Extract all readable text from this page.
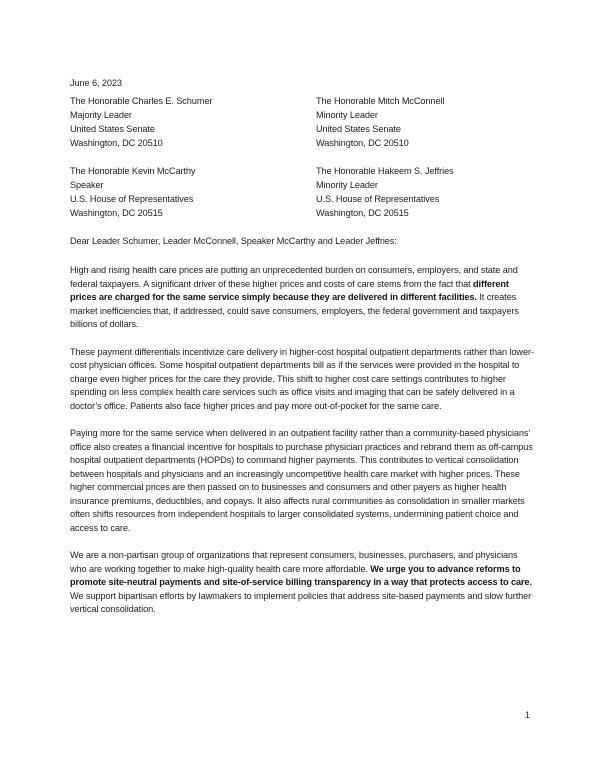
June 6, 2023

The Honorable Charles E. Schumer
Majority Leader
United States Senate
Washington, DC 20510
The Honorable Mitch McConnell
Minority Leader
United States Senate
Washington, DC 20510
The Honorable Kevin McCarthy
Speaker
U.S. House of Representatives
Washington, DC 20515
The Honorable Hakeem S. Jeffries
Minority Leader
U.S. House of Representatives
Washington, DC 20515

Dear Leader Schumer, Leader McConnell, Speaker McCarthy and Leader Jeffries:

High and rising health care prices are putting an unprecedented burden on consumers, employers, and state and federal taxpayers. A significant driver of these higher prices and costs of care stems from the fact that different prices are charged for the same service simply because they are delivered in different facilities. It creates market inefficiencies that, if addressed, could save consumers, employers, the federal government and taxpayers billions of dollars.

These payment differentials incentivize care delivery in higher-cost hospital outpatient departments rather than lower-cost physician offices. Some hospital outpatient departments bill as if the services were provided in the hospital to charge even higher prices for the care they provide. This shift to higher cost care settings contributes to higher spending on less complex health care services such as office visits and imaging that can be safely delivered in a doctor’s office. Patients also face higher prices and pay more out-of-pocket for the same care.

Paying more for the same service when delivered in an outpatient facility rather than a community-based physicians’ office also creates a financial incentive for hospitals to purchase physician practices and rebrand them as off-campus hospital outpatient departments (HOPDs) to command higher payments. This contributes to vertical consolidation between hospitals and physicians and an increasingly uncompetitive health care market with higher prices. These higher commercial prices are then passed on to businesses and consumers and other payers as higher health insurance premiums, deductibles, and copays. It also affects rural communities as consolidation in smaller markets often shifts resources from independent hospitals to larger consolidated systems, undermining patient choice and access to care.

We are a non-partisan group of organizations that represent consumers, businesses, purchasers, and physicians who are working together to make high-quality health care more affordable. We urge you to advance reforms to promote site-neutral payments and site-of-service billing transparency in a way that protects access to care. We support bipartisan efforts by lawmakers to implement policies that address site-based payments and slow further vertical consolidation.

1
